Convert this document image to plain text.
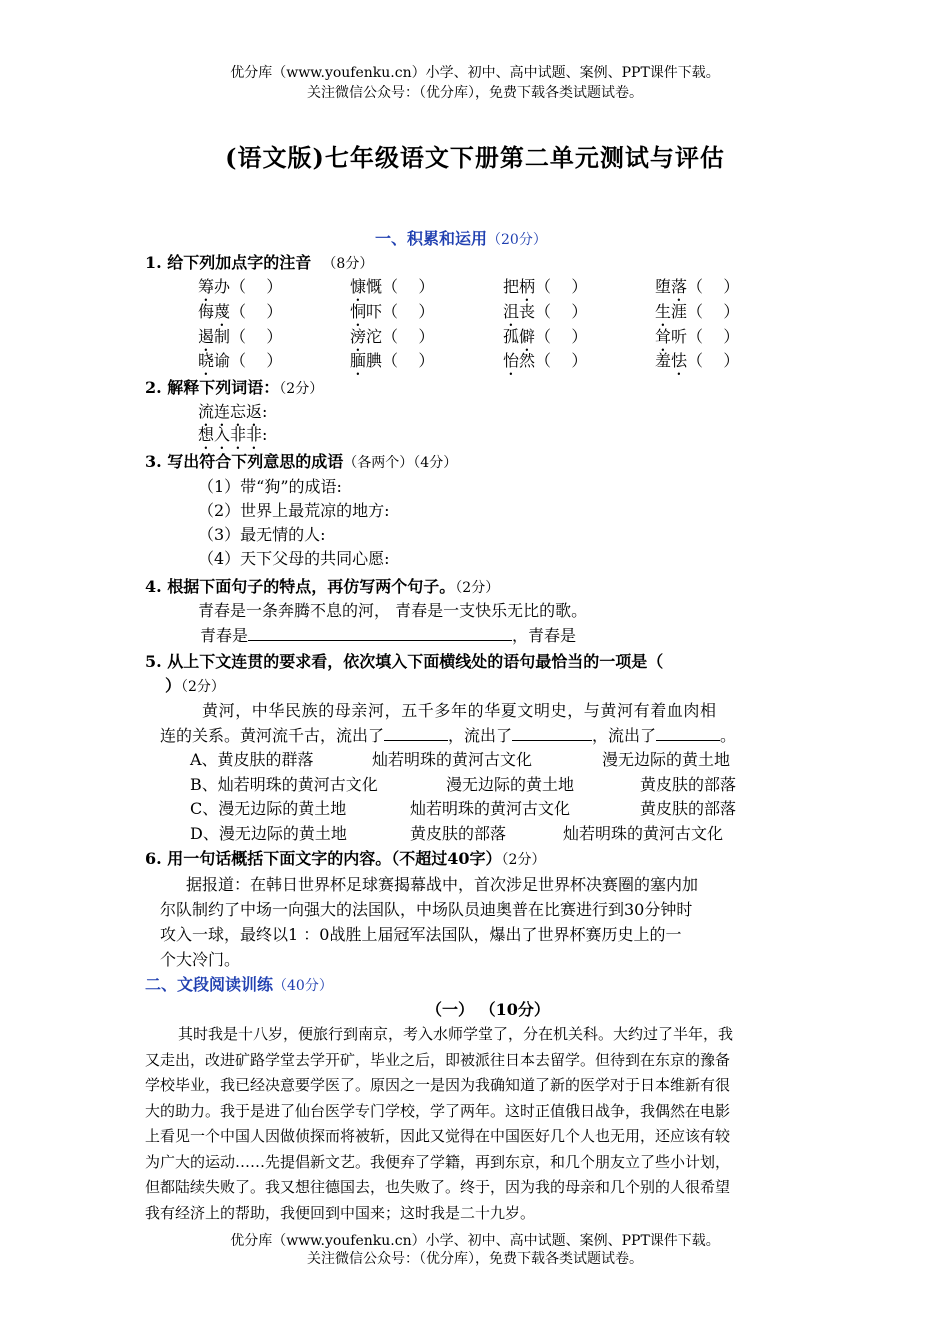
优分库（www.youfenku.cn）小学、初中、高中试题、案例、PPT课件下载。
关注微信公众号：（优分库），免费下载各类试题试卷。
(语文版)七年级语文下册第二单元测试与评估
一、积累和运用（20分）
1. 给下列加点字的注音 （8分）
筹办（    ）	慷慨（    ）	把柄（    ）	堕落（    ）
侮蔑（    ）	恫吓（    ）	沮丧（    ）	生涯（    ）
遏制（    ）	滂沱（    ）	孤僻（    ）	耸听（    ）
晓谕（    ）	腼腆（    ）	怡然（    ）	羞怯（    ）
2. 解释下列词语：（2分）
流连忘返:
想入非非:
3. 写出符合下列意思的成语（各两个）（4分）
（1）带“狗”的成语:
（2）世界上最荒凉的地方:
（3）最无情的人:
（4）天下父母的共同心愿:
4. 根据下面句子的特点，再仿写两个句子。（2分）
青春是一条奔腾不息的河， 青春是一支快乐无比的歌。
青春是	，青春是
5. 从上下文连贯的要求看，依次填入下面横线处的语句最恰当的一项是（
）（2分）
黄河，中华民族的母亲河，五千多年的华夏文明史，与黄河有着血肉相
连的关系。黄河流千古，流出了	，流出了	，流出了	。
A、黄皮肤的群落	灿若明珠的黄河古文化	漫无边际的黄土地
B、灿若明珠的黄河古文化	漫无边际的黄土地	黄皮肤的部落
C、漫无边际的黄土地	灿若明珠的黄河古文化	黄皮肤的部落
D、漫无边际的黄土地	黄皮肤的部落	灿若明珠的黄河古文化
6. 用一句话概括下面文字的内容。（不超过40字）（2分）
据报道：在韩日世界杯足球赛揭幕战中，首次涉足世界杯决赛圈的塞内加
尔队制约了中场一向强大的法国队，中场队员迪奥普在比赛进行到30分钟时
攻入一球，最终以1 ：0战胜上届冠军法国队，爆出了世界杯赛历史上的一
个大冷门。
二、文段阅读训练（40分）
（一） （10分）
其时我是十八岁，便旅行到南京，考入水师学堂了，分在机关科。大约过了半年，我
又走出，改进矿路学堂去学开矿，毕业之后，即被派往日本去留学。但待到在东京的豫备
学校毕业，我已经决意要学医了。原因之一是因为我确知道了新的医学对于日本维新有很
大的助力。我于是进了仙台医学专门学校，学了两年。这时正值俄日战争，我偶然在电影
上看见一个中国人因做侦探而将被斩，因此又觉得在中国医好几个人也无用，还应该有较
为广大的运动……先提倡新文艺。我便弃了学籍，再到东京，和几个朋友立了些小计划，
但都陆续失败了。我又想往德国去，也失败了。终于，因为我的母亲和几个别的人很希望
我有经济上的帮助，我便回到中国来；这时我是二十九岁。
优分库（www.youfenku.cn）小学、初中、高中试题、案例、PPT课件下载。
关注微信公众号：（优分库），免费下载各类试题试卷。
